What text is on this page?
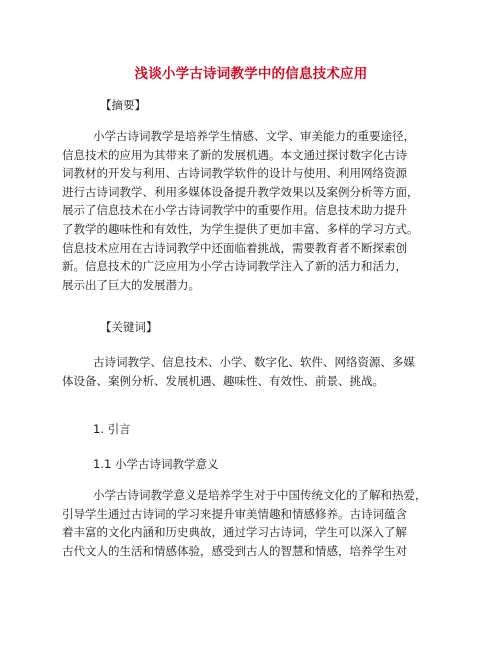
浅谈小学古诗词教学中的信息技术应用
【摘要】
小学古诗词教学是培养学生情感、文学、审美能力的重要途径，
信息技术的应用为其带来了新的发展机遇。本文通过探讨数字化古诗
词教材的开发与利用、古诗词教学软件的设计与使用、利用网络资源
进行古诗词教学、利用多媒体设备提升教学效果以及案例分析等方面，
展示了信息技术在小学古诗词教学中的重要作用。信息技术助力提升
了教学的趣味性和有效性，为学生提供了更加丰富、多样的学习方式。
信息技术应用在古诗词教学中还面临着挑战，需要教育者不断探索创
新。信息技术的广泛应用为小学古诗词教学注入了新的活力和活力，
展示出了巨大的发展潜力。
【关键词】
古诗词教学、信息技术、小学、数字化、软件、网络资源、多媒
体设备、案例分析、发展机遇、趣味性、有效性、前景、挑战。
1. 引言
1.1 小学古诗词教学意义
小学古诗词教学意义是培养学生对于中国传统文化的了解和热爱，
引导学生通过古诗词的学习来提升审美情趣和情感修养。古诗词蕴含
着丰富的文化内涵和历史典故，通过学习古诗词，学生可以深入了解
古代文人的生活和情感体验，感受到古人的智慧和情感，培养学生对
